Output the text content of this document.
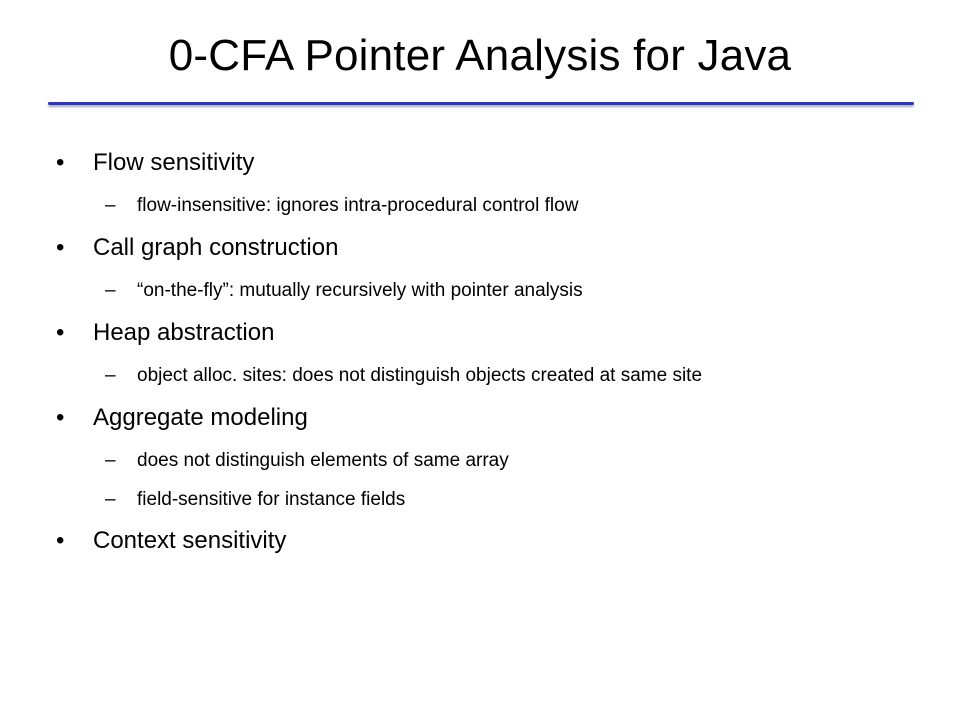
0-CFA Pointer Analysis for Java
• Flow sensitivity
– flow-insensitive: ignores intra-procedural control flow
• Call graph construction
– “on-the-fly”: mutually recursively with pointer analysis
• Heap abstraction
– object alloc. sites: does not distinguish objects created at same site
• Aggregate modeling
– does not distinguish elements of same array
– field-sensitive for instance fields
• Context sensitivity
